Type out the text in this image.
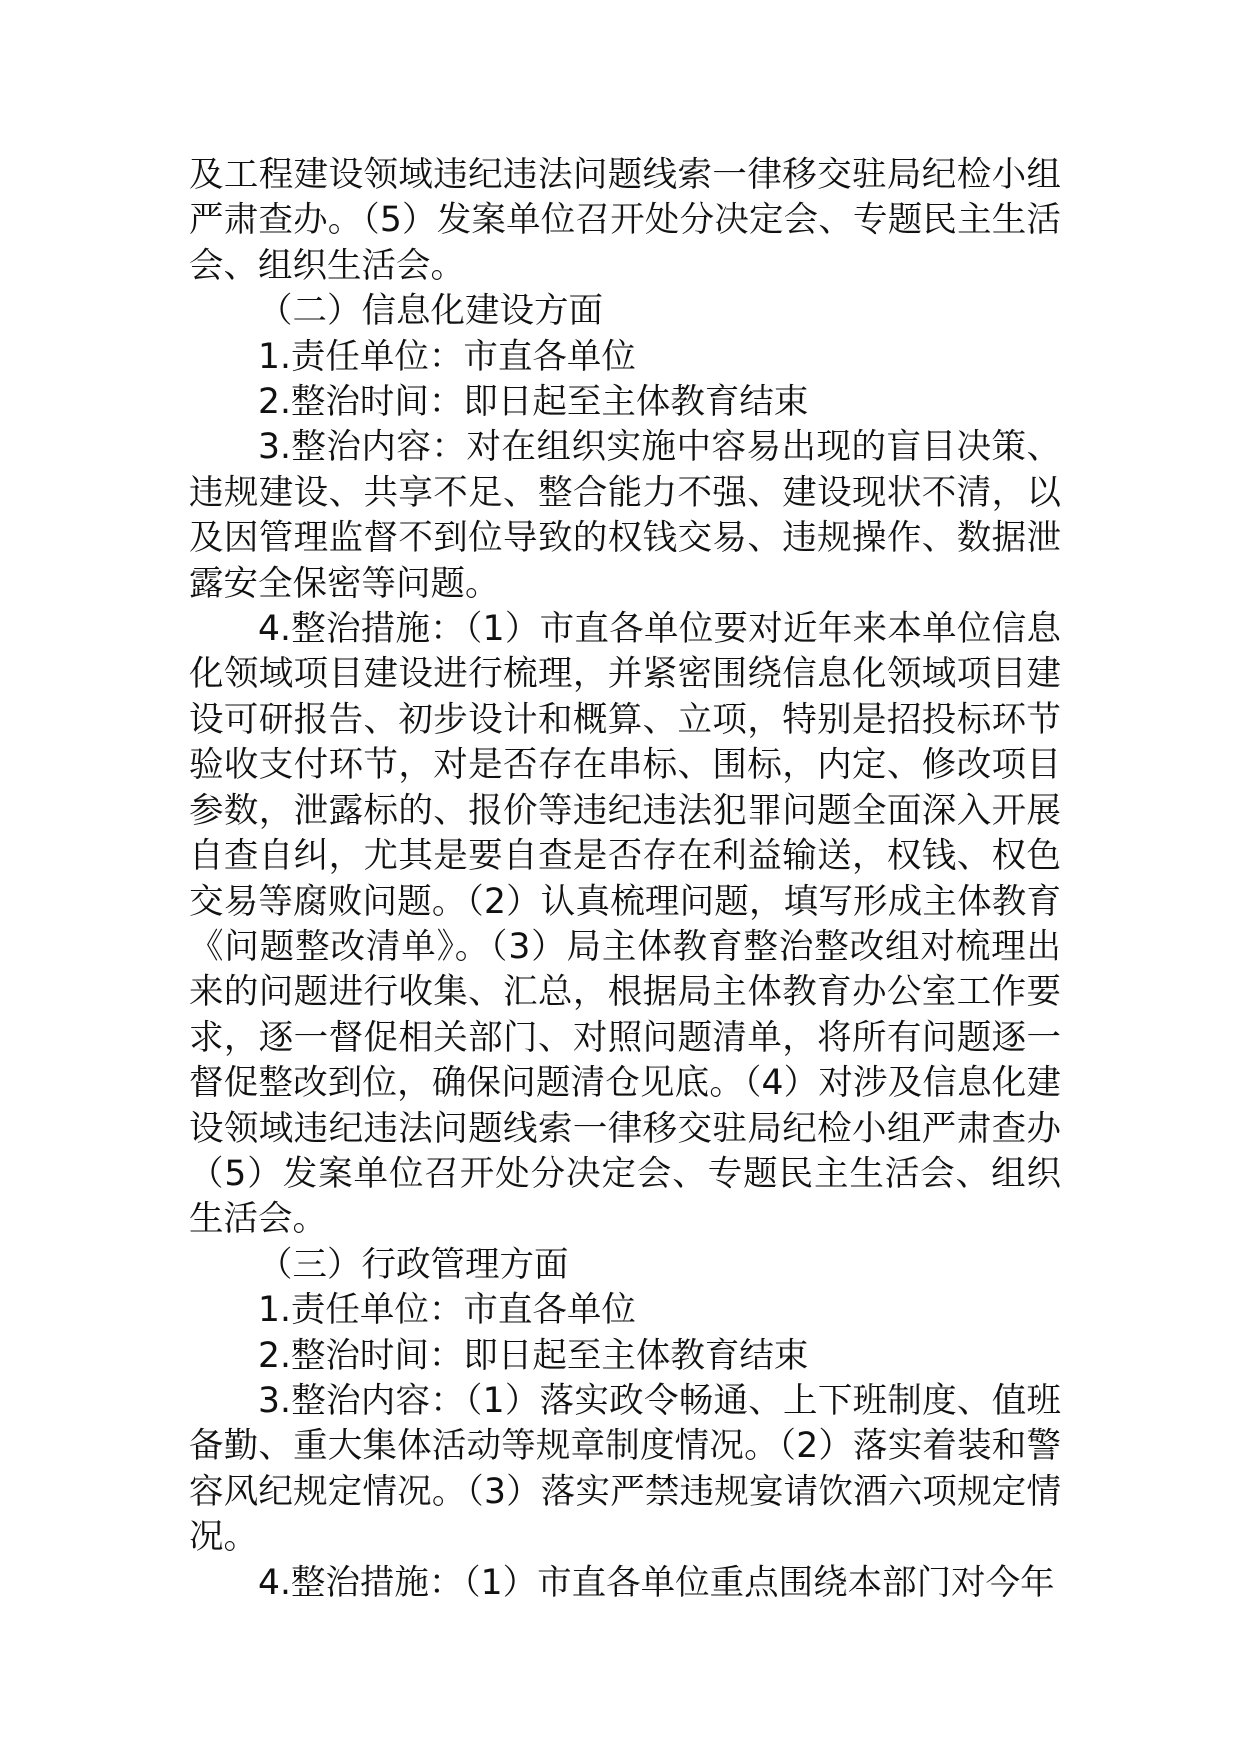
及工程建设领域违纪违法问题线索一律移交驻局纪检小组严肃查办。（5）发案单位召开处分决定会、专题民主生活会、组织生活会。

（二）信息化建设方面

1.责任单位：市直各单位

2.整治时间：即日起至主体教育结束

3.整治内容：对在组织实施中容易出现的盲目决策、违规建设、共享不足、整合能力不强、建设现状不清，以及因管理监督不到位导致的权钱交易、违规操作、数据泄露安全保密等问题。

4.整治措施：（1）市直各单位要对近年来本单位信息化领域项目建设进行梳理，并紧密围绕信息化领域项目建设可研报告、初步设计和概算、立项，特别是招投标环节验收支付环节，对是否存在串标、围标，内定、修改项目参数，泄露标的、报价等违纪违法犯罪问题全面深入开展自查自纠，尤其是要自查是否存在利益输送，权钱、权色交易等腐败问题。（2）认真梳理问题，填写形成主体教育《问题整改清单》。（3）局主体教育整治整改组对梳理出来的问题进行收集、汇总，根据局主体教育办公室工作要求，逐一督促相关部门、对照问题清单，将所有问题逐一督促整改到位，确保问题清仓见底。（4）对涉及信息化建设领域违纪违法问题线索一律移交驻局纪检小组严肃查办（5）发案单位召开处分决定会、专题民主生活会、组织生活会。

（三）行政管理方面

1.责任单位：市直各单位

2.整治时间：即日起至主体教育结束

3.整治内容：（1）落实政令畅通、上下班制度、值班备勤、重大集体活动等规章制度情况。（2）落实着装和警容风纪规定情况。（3）落实严禁违规宴请饮酒六项规定情况。

4.整治措施：（1）市直各单位重点围绕本部门对今年
